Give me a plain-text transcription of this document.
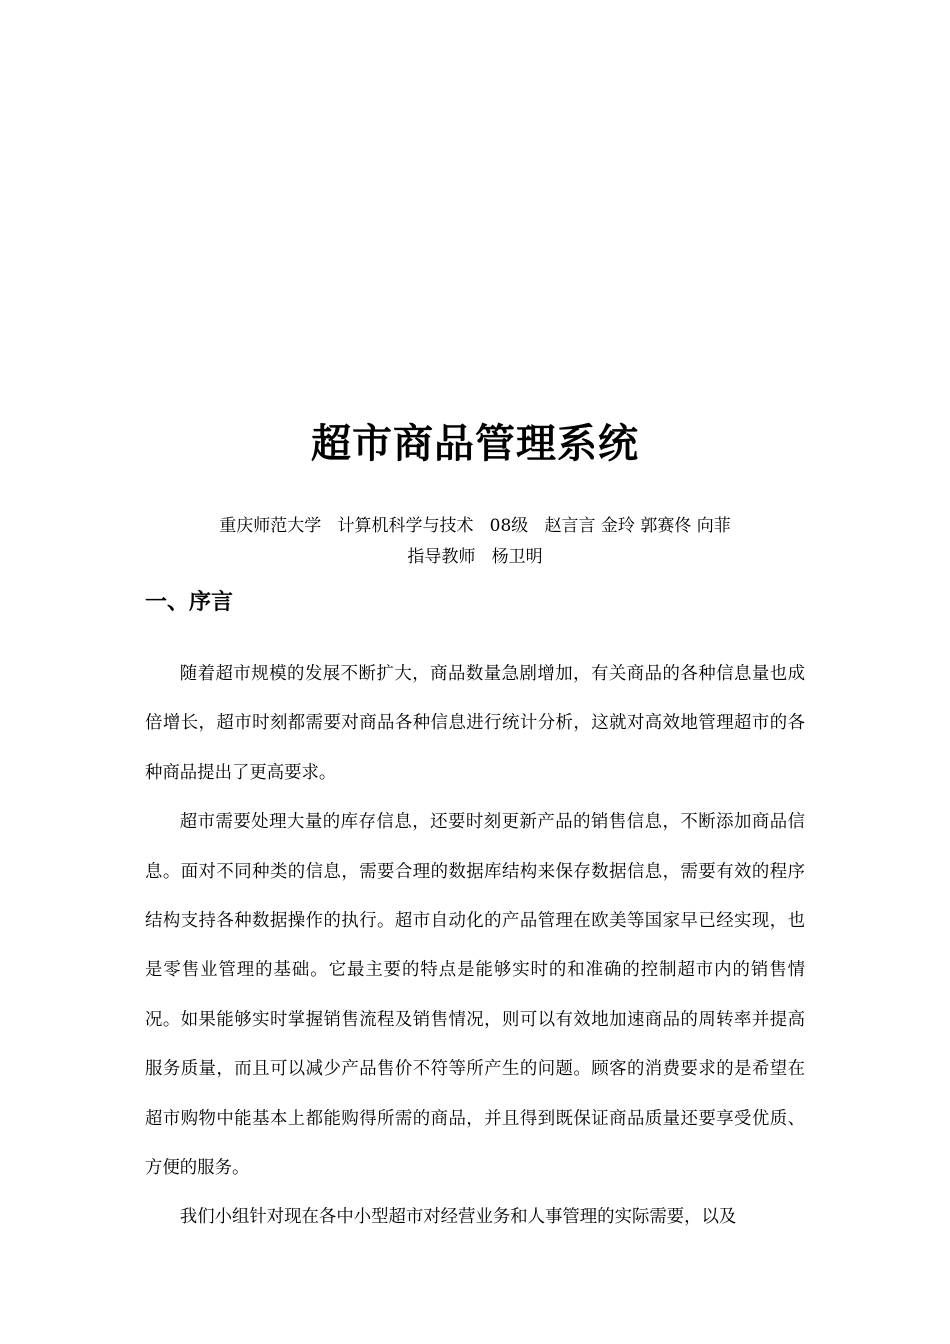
超市商品管理系统
重庆师范大学   计算机科学与技术   08级   赵言言 金玲 郭赛佟 向菲
指导教师   杨卫明
一、序言

随着超市规模的发展不断扩大，商品数量急剧增加，有关商品的各种信息量也成倍增长，超市时刻都需要对商品各种信息进行统计分析，这就对高效地管理超市的各种商品提出了更高要求。

超市需要处理大量的库存信息，还要时刻更新产品的销售信息，不断添加商品信息。面对不同种类的信息，需要合理的数据库结构来保存数据信息，需要有效的程序结构支持各种数据操作的执行。超市自动化的产品管理在欧美等国家早已经实现，也是零售业管理的基础。它最主要的特点是能够实时的和准确的控制超市内的销售情况。如果能够实时掌握销售流程及销售情况，则可以有效地加速商品的周转率并提高服务质量，而且可以减少产品售价不符等所产生的问题。顾客的消费要求的是希望在超市购物中能基本上都能购得所需的商品，并且得到既保证商品质量还要享受优质、方便的服务。

我们小组针对现在各中小型超市对经营业务和人事管理的实际需要，以及
